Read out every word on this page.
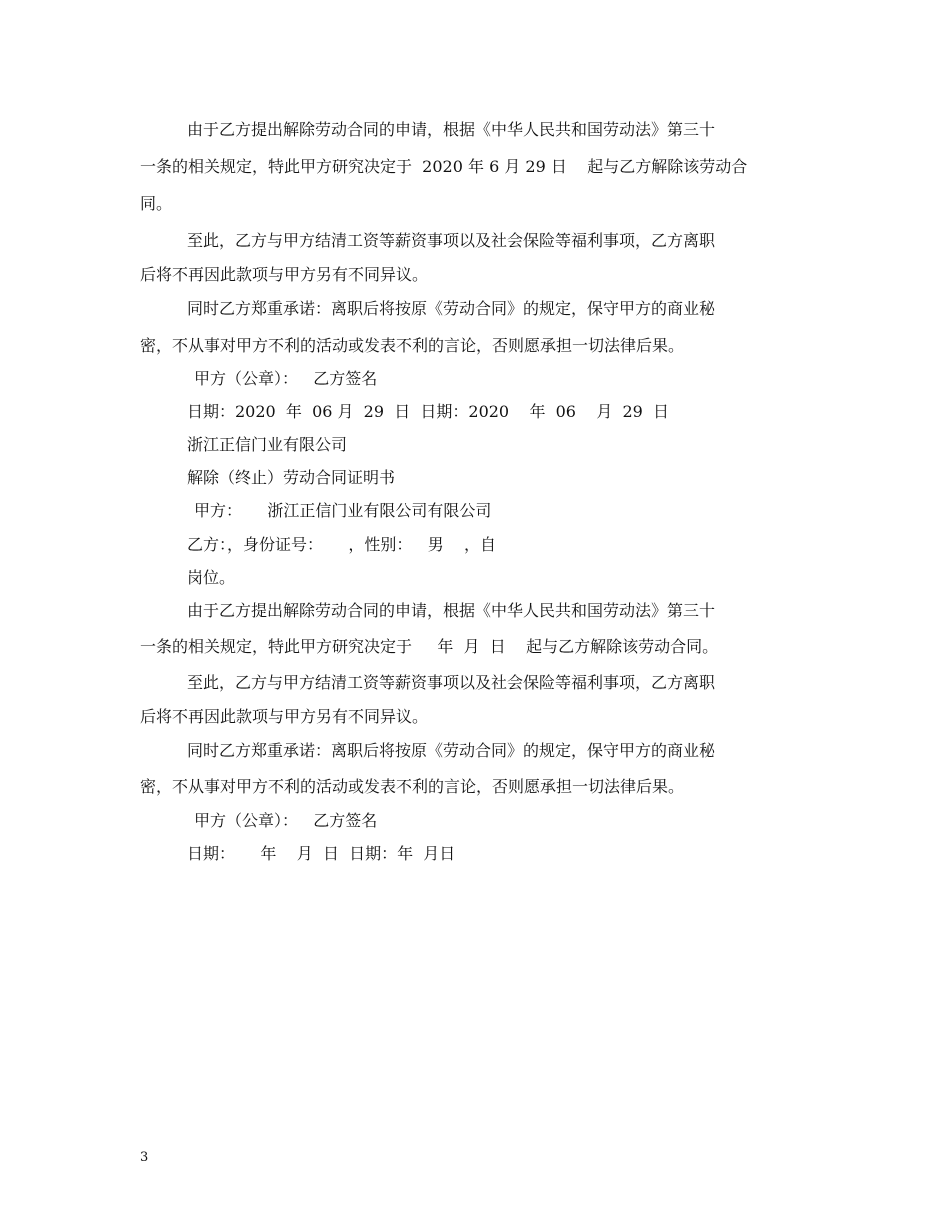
由于乙方提出解除劳动合同的申请，根据《中华人民共和国劳动法》第三十
一条的相关规定，特此甲方研究决定于  2020 年 6 月 29 日    起与乙方解除该劳动合
同。
至此，乙方与甲方结清工资等薪资事项以及社会保险等福利事项，乙方离职
后将不再因此款项与甲方另有不同异议。
同时乙方郑重承诺：离职后将按原《劳动合同》的规定，保守甲方的商业秘
密，不从事对甲方不利的活动或发表不利的言论，否则愿承担一切法律后果。
甲方（公章）：   乙方签名
日期：2020  年  06 月  29  日  日期：2020    年  06    月  29  日
浙江正信门业有限公司
解除（终止）劳动合同证明书
甲方：     浙江正信门业有限公司有限公司
乙方：，身份证号：     ，性别：   男    ，自
岗位。
由于乙方提出解除劳动合同的申请，根据《中华人民共和国劳动法》第三十
一条的相关规定，特此甲方研究决定于     年  月  日    起与乙方解除该劳动合同。
至此，乙方与甲方结清工资等薪资事项以及社会保险等福利事项，乙方离职
后将不再因此款项与甲方另有不同异议。
同时乙方郑重承诺：离职后将按原《劳动合同》的规定，保守甲方的商业秘
密，不从事对甲方不利的活动或发表不利的言论，否则愿承担一切法律后果。
甲方（公章）：   乙方签名
日期：     年    月  日  日期：年  月日
3
